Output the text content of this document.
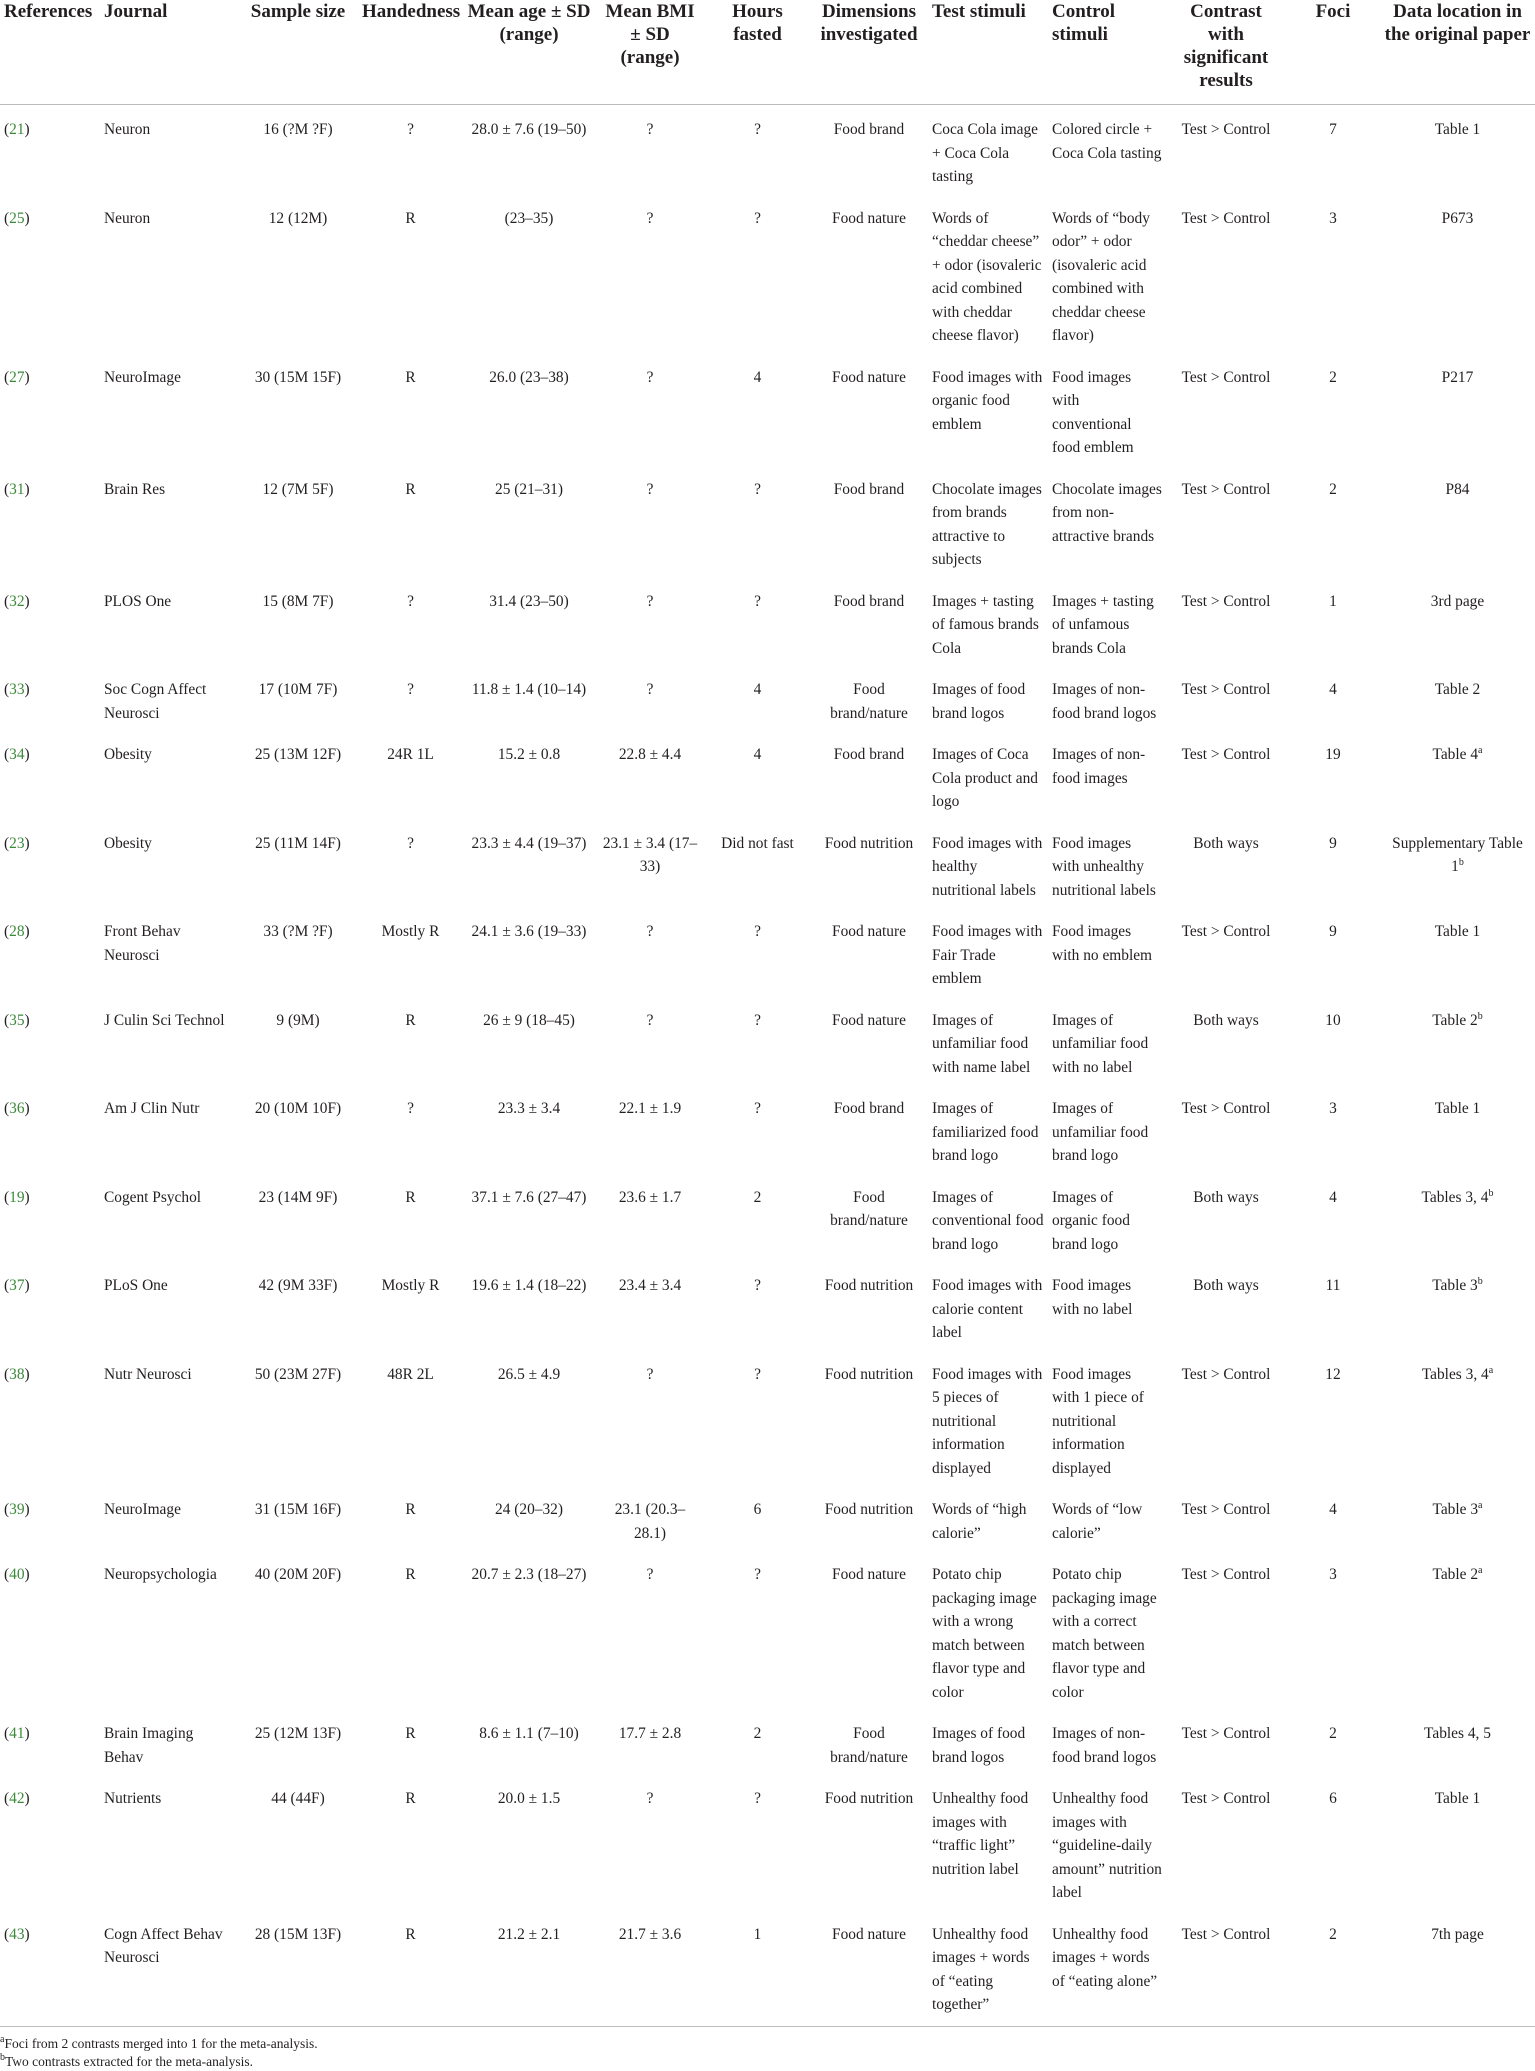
References	Journal	Sample size	Handedness	Mean age ± SD (range)	Mean BMI ± SD (range)	Hours fasted	Dimensions investigated	Test stimuli	Control stimuli	Contrast with significant results	Foci	Data location in the original paper
(21)	Neuron	16 (?M ?F)	?	28.0 ± 7.6 (19–50)	?	?	Food brand	Coca Cola image + Coca Cola tasting	Colored circle + Coca Cola tasting	Test > Control	7	Table 1
(25)	Neuron	12 (12M)	R	(23–35)	?	?	Food nature	Words of “cheddar cheese” + odor (isovaleric acid combined with cheddar cheese flavor)	Words of “body odor” + odor (isovaleric acid combined with cheddar cheese flavor)	Test > Control	3	P673
(27)	NeuroImage	30 (15M 15F)	R	26.0 (23–38)	?	4	Food nature	Food images with organic food emblem	Food images with conventional food emblem	Test > Control	2	P217
(31)	Brain Res	12 (7M 5F)	R	25 (21–31)	?	?	Food brand	Chocolate images from brands attractive to subjects	Chocolate images from non-attractive brands	Test > Control	2	P84
(32)	PLOS One	15 (8M 7F)	?	31.4 (23–50)	?	?	Food brand	Images + tasting of famous brands Cola	Images + tasting of unfamous brands Cola	Test > Control	1	3rd page
(33)	Soc Cogn Affect Neurosci	17 (10M 7F)	?	11.8 ± 1.4 (10–14)	?	4	Food brand/nature	Images of food brand logos	Images of non-food brand logos	Test > Control	4	Table 2
(34)	Obesity	25 (13M 12F)	24R 1L	15.2 ± 0.8	22.8 ± 4.4	4	Food brand	Images of Coca Cola product and logo	Images of non-food images	Test > Control	19	Table 4$^a$
(23)	Obesity	25 (11M 14F)	?	23.3 ± 4.4 (19–37)	23.1 ± 3.4 (17–33)	Did not fast	Food nutrition	Food images with healthy nutritional labels	Food images with unhealthy nutritional labels	Both ways	9	Supplementary Table 1$^b$
(28)	Front Behav Neurosci	33 (?M ?F)	Mostly R	24.1 ± 3.6 (19–33)	?	?	Food nature	Food images with Fair Trade emblem	Food images with no emblem	Test > Control	9	Table 1
(35)	J Culin Sci Technol	9 (9M)	R	26 ± 9 (18–45)	?	?	Food nature	Images of unfamiliar food with name label	Images of unfamiliar food with no label	Both ways	10	Table 2$^b$
(36)	Am J Clin Nutr	20 (10M 10F)	?	23.3 ± 3.4	22.1 ± 1.9	?	Food brand	Images of familiarized food brand logo	Images of unfamiliar food brand logo	Test > Control	3	Table 1
(19)	Cogent Psychol	23 (14M 9F)	R	37.1 ± 7.6 (27–47)	23.6 ± 1.7	2	Food brand/nature	Images of conventional food brand logo	Images of organic food brand logo	Both ways	4	Tables 3, 4$^b$
(37)	PLoS One	42 (9M 33F)	Mostly R	19.6 ± 1.4 (18–22)	23.4 ± 3.4	?	Food nutrition	Food images with calorie content label	Food images with no label	Both ways	11	Table 3$^b$
(38)	Nutr Neurosci	50 (23M 27F)	48R 2L	26.5 ± 4.9	?	?	Food nutrition	Food images with 5 pieces of nutritional information displayed	Food images with 1 piece of nutritional information displayed	Test > Control	12	Tables 3, 4$^a$
(39)	NeuroImage	31 (15M 16F)	R	24 (20–32)	23.1 (20.3–28.1)	6	Food nutrition	Words of “high calorie”	Words of “low calorie”	Test > Control	4	Table 3$^a$
(40)	Neuropsychologia	40 (20M 20F)	R	20.7 ± 2.3 (18–27)	?	?	Food nature	Potato chip packaging image with a wrong match between flavor type and color	Potato chip packaging image with a correct match between flavor type and color	Test > Control	3	Table 2$^a$
(41)	Brain Imaging Behav	25 (12M 13F)	R	8.6 ± 1.1 (7–10)	17.7 ± 2.8	2	Food brand/nature	Images of food brand logos	Images of non-food brand logos	Test > Control	2	Tables 4, 5
(42)	Nutrients	44 (44F)	R	20.0 ± 1.5	?	?	Food nutrition	Unhealthy food images with “traffic light” nutrition label	Unhealthy food images with “guideline-daily amount” nutrition label	Test > Control	6	Table 1
(43)	Cogn Affect Behav Neurosci	28 (15M 13F)	R	21.2 ± 2.1	21.7 ± 3.6	1	Food nature	Unhealthy food images + words of “eating together”	Unhealthy food images + words of “eating alone”	Test > Control	2	7th page

$^a$Foci from 2 contrasts merged into 1 for the meta-analysis.

$^b$Two contrasts extracted for the meta-analysis.
